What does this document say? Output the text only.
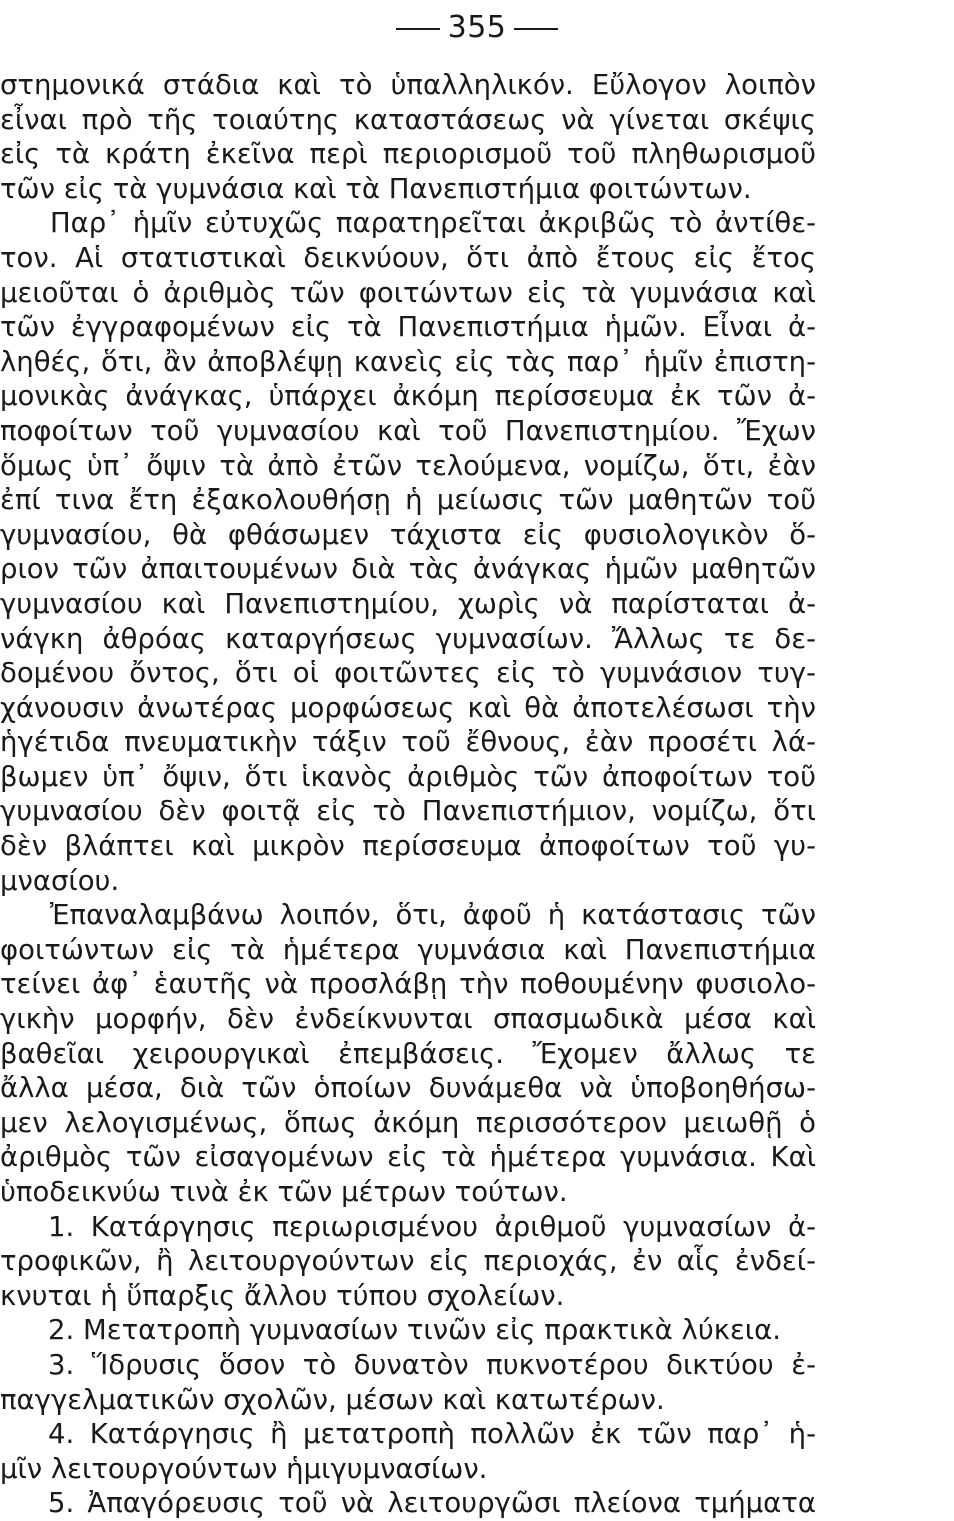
355
στημονικά στάδια καὶ τὸ ὑπαλληλικόν. Εὔλογον λοιπὸν
εἶναι πρὸ τῆς τοιαύτης καταστάσεως νὰ γίνεται σκέψις
εἰς τὰ κράτη ἐκεῖνα περὶ περιορισμοῦ τοῦ πληθωρισμοῦ
τῶν εἰς τὰ γυμνάσια καὶ τὰ Πανεπιστήμια φοιτώντων.
Παρ᾿ ἡμῖν εὐτυχῶς παρατηρεῖται ἀκριβῶς τὸ ἀντίθε-
τον. Αἱ στατιστικαὶ δεικνύουν, ὅτι ἀπὸ ἔτους εἰς ἔτος
μειοῦται ὁ ἀριθμὸς τῶν φοιτώντων εἰς τὰ γυμνάσια καὶ
τῶν ἐγγραφομένων εἰς τὰ Πανεπιστήμια ἡμῶν. Εἶναι ἀ-
ληθές, ὅτι, ἂν ἀποβλέψῃ κανεὶς εἰς τὰς παρ᾿ ἡμῖν ἐπιστη-
μονικὰς ἀνάγκας, ὑπάρχει ἀκόμη περίσσευμα ἐκ τῶν ἀ-
ποφοίτων τοῦ γυμνασίου καὶ τοῦ Πανεπιστημίου. Ἔχων
ὅμως ὑπ᾿ ὄψιν τὰ ἀπὸ ἐτῶν τελούμενα, νομίζω, ὅτι, ἐὰν
ἐπί τινα ἔτη ἐξακολουθήσῃ ἡ μείωσις τῶν μαθητῶν τοῦ
γυμνασίου, θὰ φθάσωμεν τάχιστα εἰς φυσιολογικὸν ὅ-
ριον τῶν ἀπαιτουμένων διὰ τὰς ἀνάγκας ἡμῶν μαθητῶν
γυμνασίου καὶ Πανεπιστημίου, χωρὶς νὰ παρίσταται ἀ-
νάγκη ἀθρόας καταργήσεως γυμνασίων. Ἄλλως τε δε-
δομένου ὄντος, ὅτι οἱ φοιτῶντες εἰς τὸ γυμνάσιον τυγ-
χάνουσιν ἀνωτέρας μορφώσεως καὶ θὰ ἀποτελέσωσι τὴν
ἡγέτιδα πνευματικὴν τάξιν τοῦ ἔθνους, ἐὰν προσέτι λά-
βωμεν ὑπ᾿ ὄψιν, ὅτι ἱκανὸς ἀριθμὸς τῶν ἀποφοίτων τοῦ
γυμνασίου δὲν φοιτᾷ εἰς τὸ Πανεπιστήμιον, νομίζω, ὅτι
δὲν βλάπτει καὶ μικρὸν περίσσευμα ἀποφοίτων τοῦ γυ-
μνασίου.
Ἐπαναλαμβάνω λοιπόν, ὅτι, ἀφοῦ ἡ κατάστασις τῶν
φοιτώντων εἰς τὰ ἡμέτερα γυμνάσια καὶ Πανεπιστήμια
τείνει ἀφ᾿ ἑαυτῆς νὰ προσλάβῃ τὴν ποθουμένην φυσιολο-
γικὴν μορφήν, δὲν ἐνδείκνυνται σπασμωδικὰ μέσα καὶ
βαθεῖαι χειρουργικαὶ ἐπεμβάσεις. Ἔχομεν ἄλλως τε
ἄλλα μέσα, διὰ τῶν ὁποίων δυνάμεθα νὰ ὑποβοηθήσω-
μεν λελογισμένως, ὅπως ἀκόμη περισσότερον μειωθῇ ὁ
ἀριθμὸς τῶν εἰσαγομένων εἰς τὰ ἡμέτερα γυμνάσια. Καὶ
ὑποδεικνύω τινὰ ἐκ τῶν μέτρων τούτων.
1. Κατάργησις περιωρισμένου ἀριθμοῦ γυμνασίων ἀ-
τροφικῶν, ἢ λειτουργούντων εἰς περιοχάς, ἐν αἷς ἐνδεί-
κνυται ἡ ὕπαρξις ἄλλου τύπου σχολείων.
2. Μετατροπὴ γυμνασίων τινῶν εἰς πρακτικὰ λύκεια.
3. Ἵδρυσις ὅσον τὸ δυνατὸν πυκνοτέρου δικτύου ἐ-
παγγελματικῶν σχολῶν, μέσων καὶ κατωτέρων.
4. Κατάργησις ἢ μετατροπὴ πολλῶν ἐκ τῶν παρ᾿ ἡ-
μῖν λειτουργούντων ἡμιγυμνασίων.
5. Ἀπαγόρευσις τοῦ νὰ λειτουργῶσι πλείονα τμήματα
